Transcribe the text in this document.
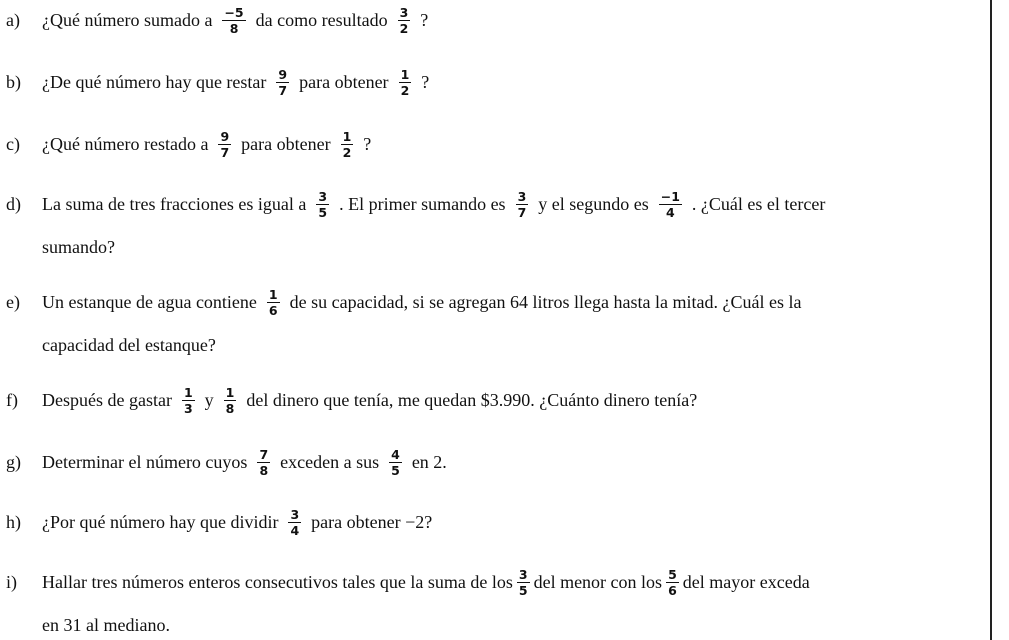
a)	¿Qué número sumado a $\frac{-5}{8}$ da como resultado $\frac{3}{2}$ ?
b)	¿De qué número hay que restar $\frac{9}{7}$ para obtener $\frac{1}{2}$ ?
c)	¿Qué número restado a $\frac{9}{7}$ para obtener $\frac{1}{2}$ ?
d)	La suma de tres fracciones es igual a $\frac{3}{5}$ . El primer sumando es $\frac{3}{7}$ y el segundo es $\frac{-1}{4}$ . ¿Cuál es el tercer
sumando?
e)	Un estanque de agua contiene $\frac{1}{6}$ de su capacidad, si se agregan 64 litros llega hasta la mitad. ¿Cuál es la
capacidad del estanque?
f)	Después de gastar $\frac{1}{3}$ y $\frac{1}{8}$ del dinero que tenía, me quedan $3.990. ¿Cuánto dinero tenía?
g)	Determinar el número cuyos $\frac{7}{8}$ exceden a sus $\frac{4}{5}$ en 2.
h)	¿Por qué número hay que dividir $\frac{3}{4}$ para obtener −2?
i)	Hallar tres números enteros consecutivos tales que la suma de los $\frac{3}{5}$ del menor con los $\frac{5}{6}$ del mayor exceda
en 31 al mediano.
